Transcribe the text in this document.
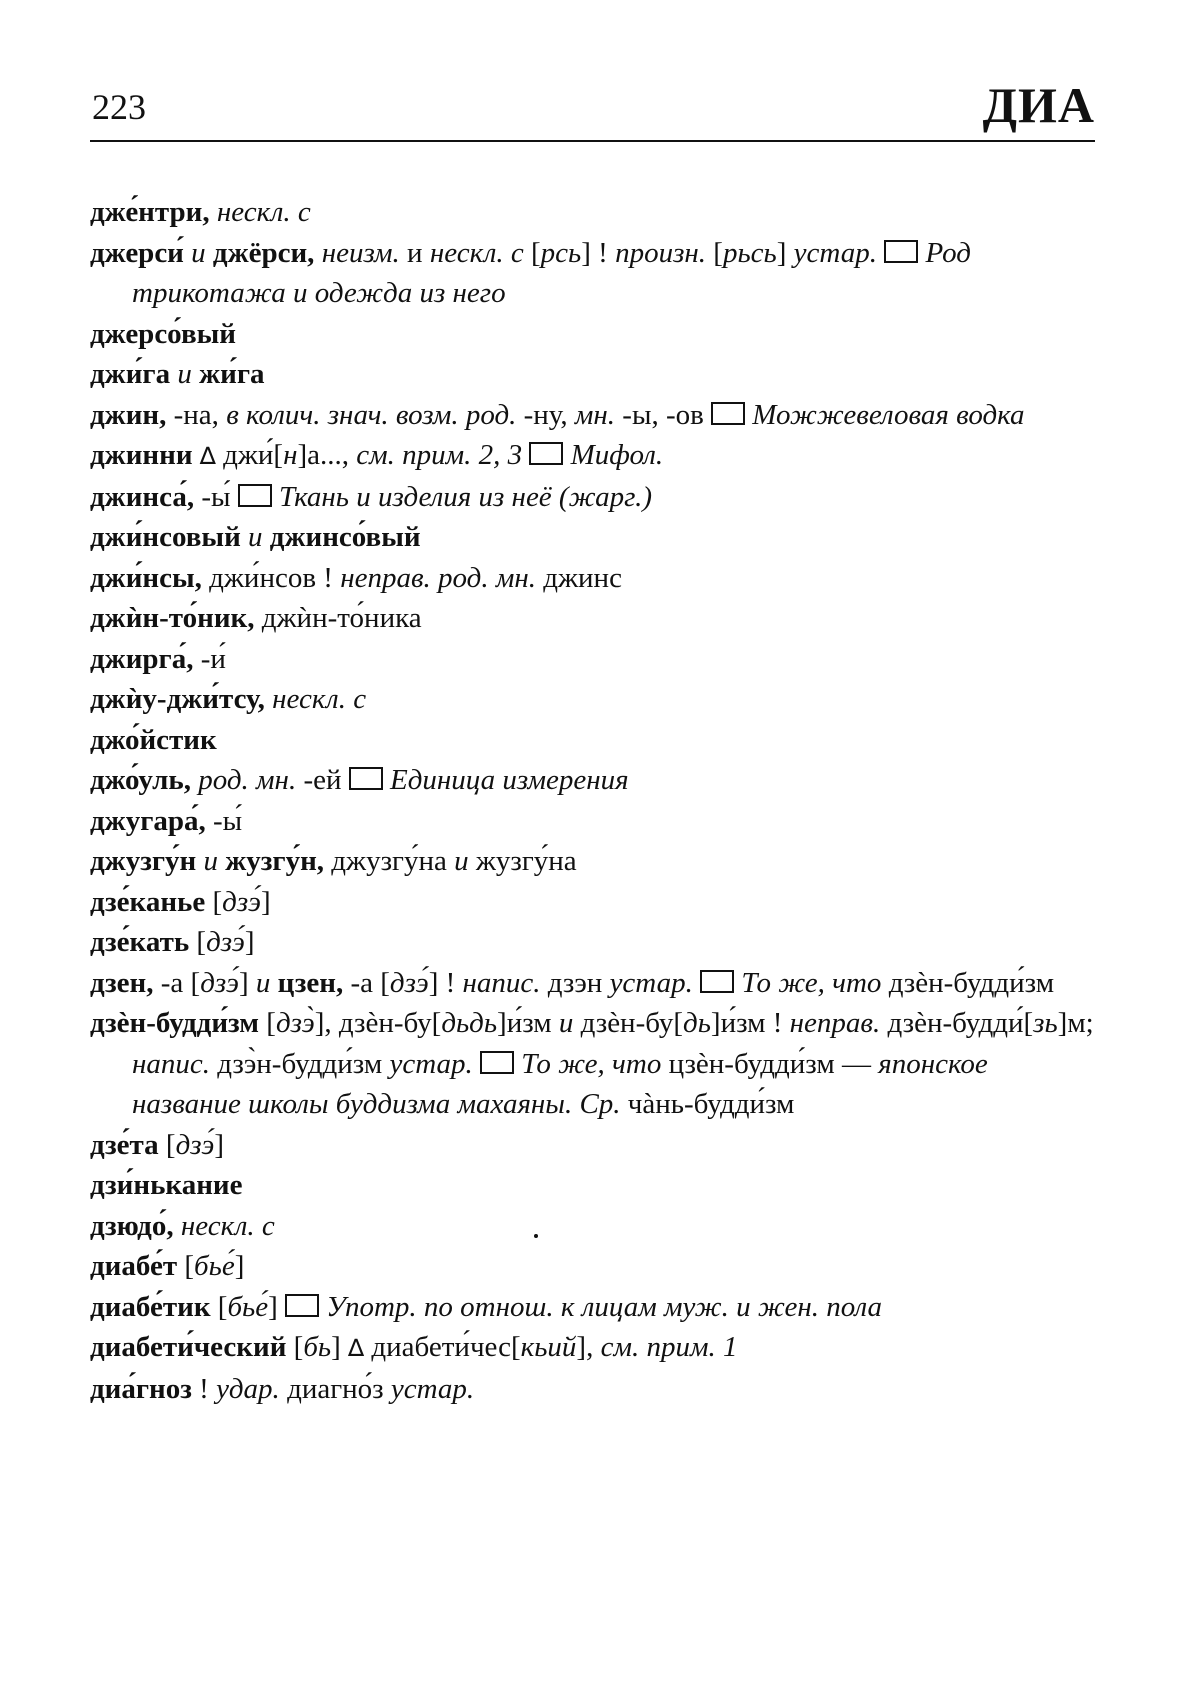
223	ДИА

дже́нтри, нескл. с

джерси́ и джёрси, неизм. и нескл. с [рсь] ! произн. [рьсь] устар.  Род трикотажа и одежда из него

джерсо́вый

джи́га и жи́га

джин, -на, в колич. знач. возм. род. -ну, мн. -ы, -ов  Можжевеловая водка

джинни ∆ джи́[н]а..., см. прим. 2, 3  Мифол.

джинса́, -ы́  Ткань и изделия из неё (жарг.)

джи́нсовый и джинсо́вый

джи́нсы, джи́нсов ! неправ. род. мн. джинс

джѝн-то́ник, джѝн-то́ника

джирга́, -и́

джѝу-джи́тсу, нескл. с

джо́йстик

джо́уль, род. мн. -ей  Единица измерения

джугара́, -ы́

джузгу́н и жузгу́н, джузгу́на и жузгу́на

дзе́канье [дзэ́]

дзе́кать [дзэ́]

дзен, -а [дзэ́] и цзен, -а [дзэ́] ! напис. дзэн устар.  То же, что дзѐн-будди́зм

дзѐн-будди́зм [дзэ̀], дзѐн-бу[дьдь]и́зм и дзѐн-бу[дь]и́зм ! неправ. дзѐн-будди́[зь]м; напис. дзэ̀н-будди́зм устар.  То же, что цзѐн-будди́зм — японское название школы буддизма махаяны. Ср. чàнь-будди́зм

дзе́та [дзэ́]

дзи́нькание

дзюдо́, нескл. с

диабе́т [бье́]

диабе́тик [бье́]  Употр. по отнош. к лицам муж. и жен. пола

диабети́ческий [бь] ∆ диабети́чес[кьий], см. прим. 1

диа́гноз ! удар. диагно́з устар.
